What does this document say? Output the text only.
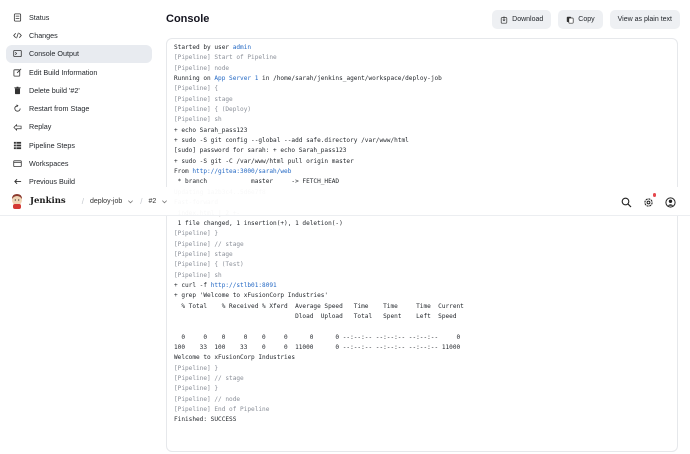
Status
Changes
Console Output
Edit Build Information
Delete build '#2'
Restart from Stage
Replay
Pipeline Steps
Workspaces
Previous Build
Console	Download	Copy	View as plain text
Started by user admin
[Pipeline] Start of Pipeline
[Pipeline] node
Running on App Server 1 in /home/sarah/jenkins_agent/workspace/deploy-job
[Pipeline] {
[Pipeline] stage
[Pipeline] { (Deploy)
[Pipeline] sh
+ echo Sarah_pass123
+ sudo -S git config --global --add safe.directory /var/www/html
[sudo] password for sarah: + echo Sarah_pass123
+ sudo -S git -C /var/www/html pull origin master
From http://gitea:3000/sarah/web
* branch            master     -> FETCH_HEAD

1 file changed, 1 insertion(+), 1 deletion(-)
[Pipeline] }
[Pipeline] // stage
[Pipeline] stage
[Pipeline] { (Test)
[Pipeline] sh
+ curl -f http://stlb01:8091
+ grep 'Welcome to xFusionCorp Industries'
% Total    % Received % Xferd  Average Speed   Time    Time     Time  Current
Dload  Upload   Total   Spent    Left  Speed

0     0    0     0    0     0      0      0 --:--:-- --:--:-- --:--:--     0
100    33  100    33    0     0  11000      0 --:--:-- --:--:-- --:--:-- 11000
Welcome to xFusionCorp Industries
[Pipeline] }
[Pipeline] // stage
[Pipeline] }
[Pipeline] // node
[Pipeline] End of Pipeline
Finished: SUCCESS

Jenkins / deploy-job / #2
